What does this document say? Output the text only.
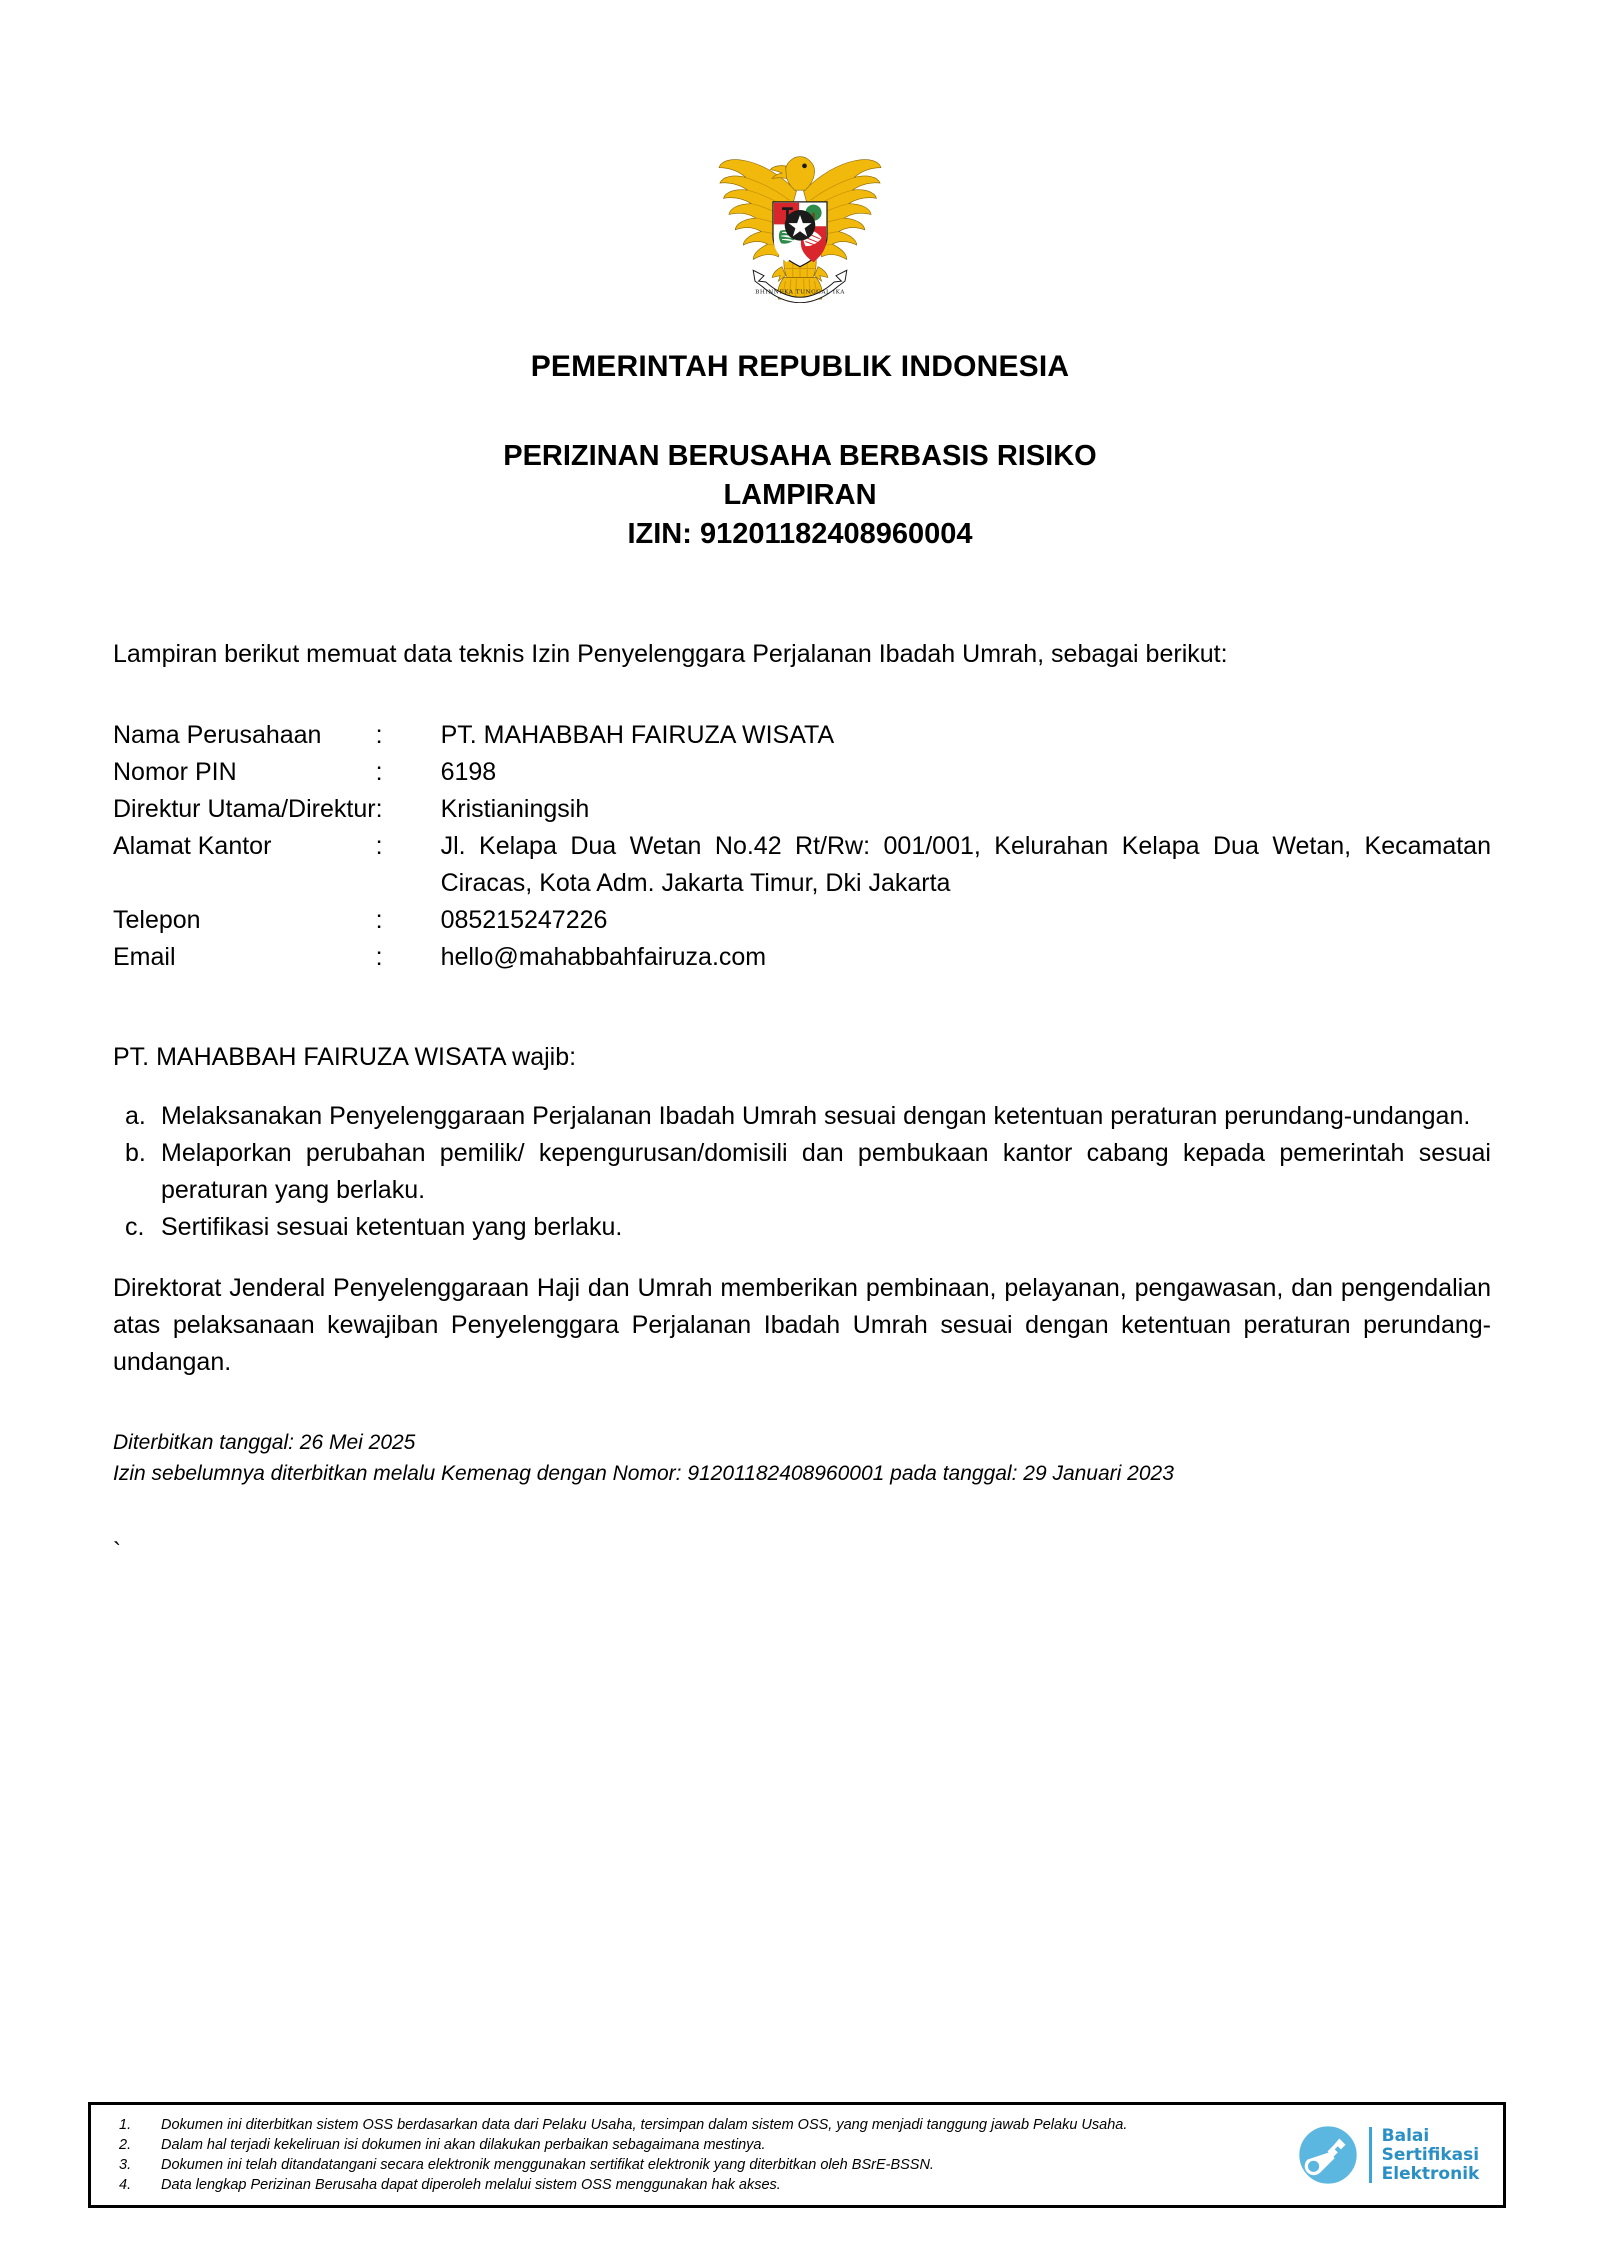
BHINNEKA TUNGGAL IKA
PEMERINTAH REPUBLIK INDONESIA
PERIZINAN BERUSAHA BERBASIS RISIKO
LAMPIRAN
IZIN: 91201182408960004

Lampiran berikut memuat data teknis Izin Penyelenggara Perjalanan Ibadah Umrah, sebagai berikut:

Nama Perusahaan	:	PT. MAHABBAH FAIRUZA WISATA
Nomor PIN	:	6198
Direktur Utama/Direktur	:	Kristianingsih
Alamat Kantor	:	Jl. Kelapa Dua Wetan No.42 Rt/Rw: 001/001, Kelurahan Kelapa Dua Wetan, Kecamatan Ciracas, Kota Adm. Jakarta Timur, Dki Jakarta
Telepon	:	085215247226
Email	:	hello@mahabbahfairuza.com

PT. MAHABBAH FAIRUZA WISATA wajib:

a. Melaksanakan Penyelenggaraan Perjalanan Ibadah Umrah sesuai dengan ketentuan peraturan perundang-undangan.
b. Melaporkan perubahan pemilik/ kepengurusan/domisili dan pembukaan kantor cabang kepada pemerintah sesuai peraturan yang berlaku.
c. Sertifikasi sesuai ketentuan yang berlaku.

Direktorat Jenderal Penyelenggaraan Haji dan Umrah memberikan pembinaan, pelayanan, pengawasan, dan pengendalian atas pelaksanaan kewajiban Penyelenggara Perjalanan Ibadah Umrah sesuai dengan ketentuan peraturan perundang-undangan.

Diterbitkan tanggal: 26 Mei 2025
Izin sebelumnya diterbitkan melalu Kemenag dengan Nomor: 91201182408960001 pada tanggal: 29 Januari 2023
`
1. Dokumen ini diterbitkan sistem OSS berdasarkan data dari Pelaku Usaha, tersimpan dalam sistem OSS, yang menjadi tanggung jawab Pelaku Usaha.
2. Dalam hal terjadi kekeliruan isi dokumen ini akan dilakukan perbaikan sebagaimana mestinya.
3. Dokumen ini telah ditandatangani secara elektronik menggunakan sertifikat elektronik yang diterbitkan oleh BSrE-BSSN.
4. Data lengkap Perizinan Berusaha dapat diperoleh melalui sistem OSS menggunakan hak akses.
Balai
Sertifikasi
Elektronik
